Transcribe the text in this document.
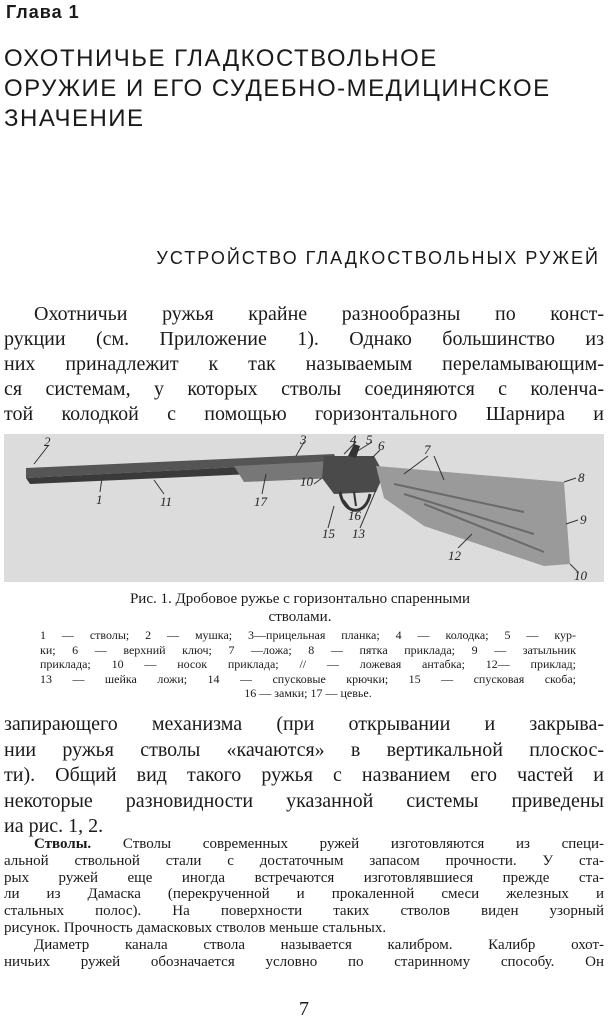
Глава 1
ОХОТНИЧЬЕ ГЛАДКОСТВОЛЬНОЕ
ОРУЖИЕ И ЕГО СУДЕБНО-МЕДИЦИНСКОЕ
ЗНАЧЕНИЕ
УСТРОЙСТВО ГЛАДКОСТВОЛЬНЫХ РУЖЕЙ
Охотничьи ружья крайне разнообразны по конст-
рукции (см. Приложение 1). Однако большинство из
них принадлежит к так называемым переламывающим-
ся системам, у которых стволы соединяются с коленча-
той колодкой с помощью горизонтального Шарнира и
2	3	4 5 6	7
1	11	17
10
16
15 13
8
9
12
10
Рис. 1. Дробовое ружье с горизонтально спаренными
стволами.
1 — стволы; 2 — мушка; 3—прицельная планка; 4 — колодка; 5 — кур-
ки; 6 — верхний ключ; 7 —ложа; 8 — пятка приклада; 9 — затыльник
приклада; 10 — носок приклада; // — ложевая антабка; 12— приклад;
13 — шейка ложи; 14 — спусковые крючки; 15 — спусковая скоба;
16 — замки; 17 — цевье.
запирающего механизма (при открывании и закрыва-
нии ружья стволы «качаются» в вертикальной плоскос-
ти). Общий вид такого ружья с названием его частей и
некоторые разновидности указанной системы приведены
иа рис. 1, 2.
Стволы. Стволы современных ружей изготовляются из специ-
альной ствольной стали с достаточным запасом прочности. У ста-
рых ружей еще иногда встречаются изготовлявшиеся прежде ста-
ли из Дамаска (перекрученной и прокаленной смеси железных и
стальных полос). На поверхности таких стволов виден узорный
рисунок. Прочность дамасковых стволов меньше стальных.
Диаметр канала ствола называется калибром. Калибр охот-
ничьих ружей обозначается условно по старинному способу. Он
7
